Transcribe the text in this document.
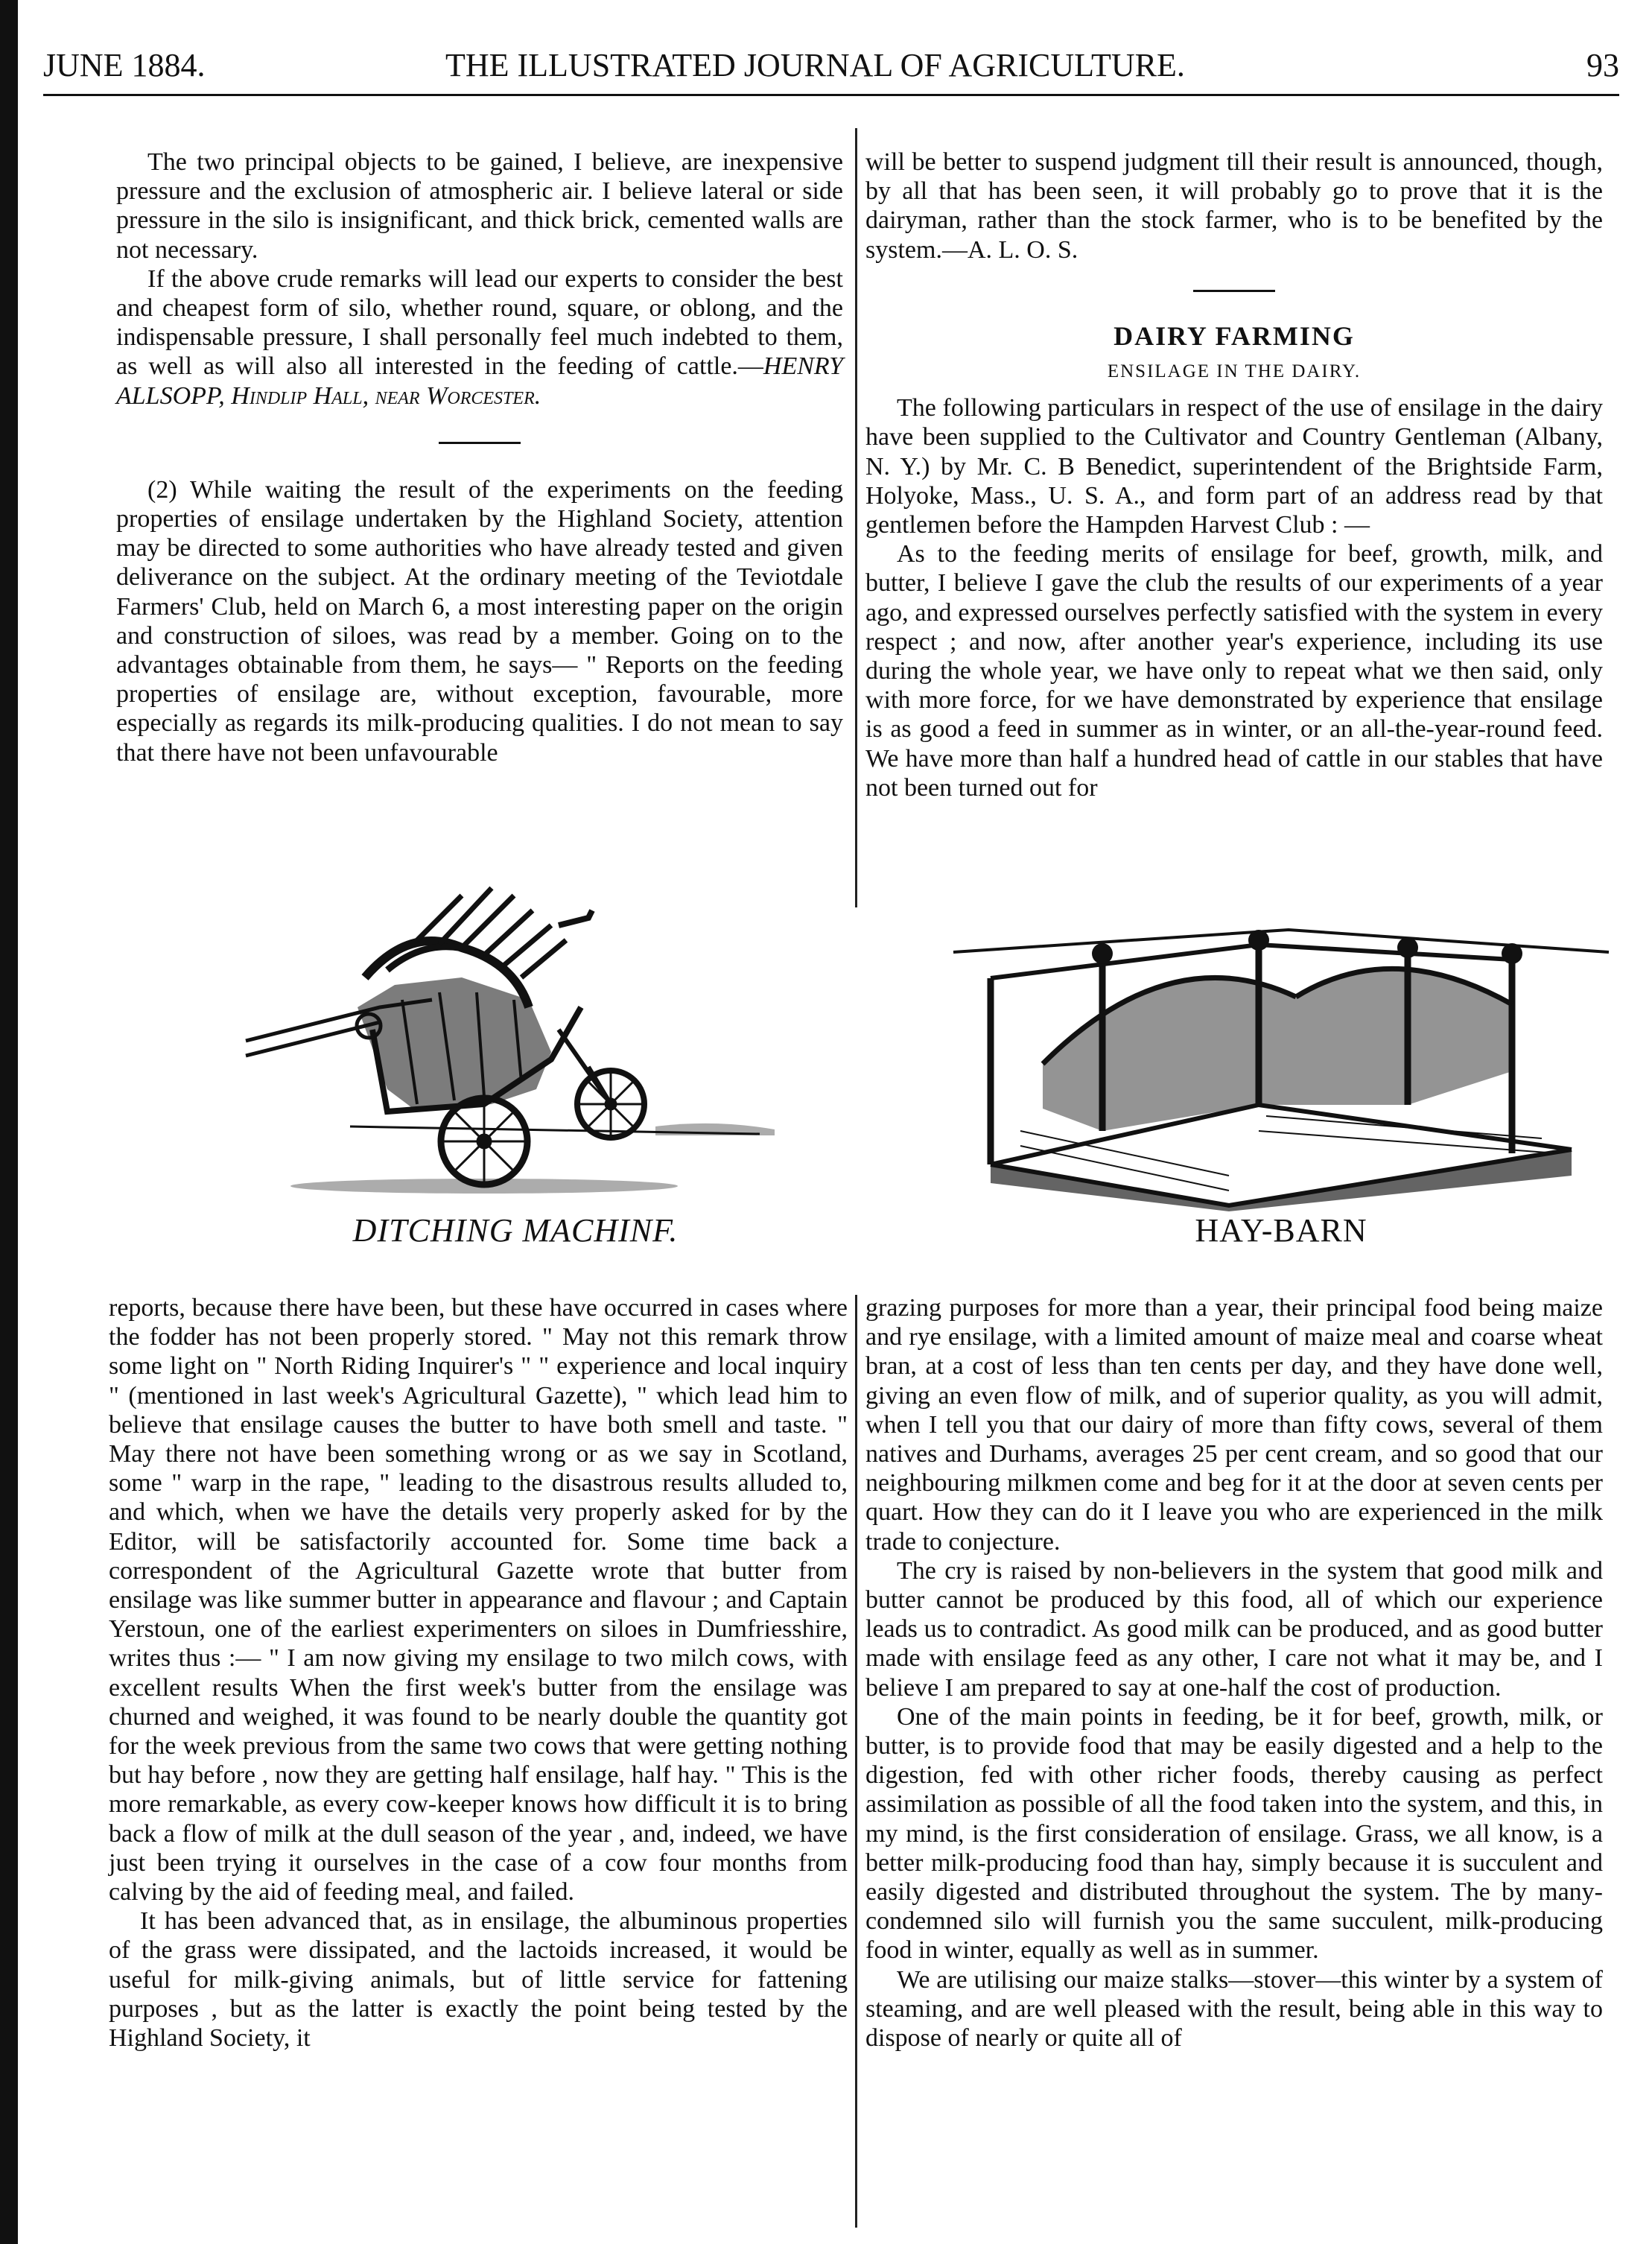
JUNE 1884.	THE ILLUSTRATED JOURNAL OF AGRICULTURE.	93

The two principal objects to be gained, I believe, are inexpensive pressure and the exclusion of atmospheric air. I believe lateral or side pressure in the silo is insignificant, and thick brick, cemented walls are not necessary.

If the above crude remarks will lead our experts to consider the best and cheapest form of silo, whether round, square, or oblong, and the indispensable pressure, I shall personally feel much indebted to them, as well as will also all interested in the feeding of cattle.—HENRY ALLSOPP, Hindlip Hall, near Worcester.

(2) While waiting the result of the experiments on the feeding properties of ensilage undertaken by the Highland Society, attention may be directed to some authorities who have already tested and given deliverance on the subject. At the ordinary meeting of the Teviotdale Farmers' Club, held on March 6, a most interesting paper on the origin and construction of siloes, was read by a member. Going on to the advantages obtainable from them, he says— " Reports on the feeding properties of ensilage are, without exception, favourable, more especially as regards its milk-producing qualities. I do not mean to say that there have not been unfavourable

will be better to suspend judgment till their result is announced, though, by all that has been seen, it will probably go to prove that it is the dairyman, rather than the stock farmer, who is to be benefited by the system.—A. L. O. S.

DAIRY FARMING
ENSILAGE IN THE DAIRY.

The following particulars in respect of the use of ensilage in the dairy have been supplied to the Cultivator and Country Gentleman (Albany, N. Y.) by Mr. C. B Benedict, superintendent of the Brightside Farm, Holyoke, Mass., U. S. A., and form part of an address read by that gentlemen before the Hampden Harvest Club : —

As to the feeding merits of ensilage for beef, growth, milk, and butter, I believe I gave the club the results of our experiments of a year ago, and expressed ourselves perfectly satisfied with the system in every respect ; and now, after another year's experience, including its use during the whole year, we have only to repeat what we then said, only with more force, for we have demonstrated by experience that ensilage is as good a feed in summer as in winter, or an all-the-year-round feed. We have more than half a hundred head of cattle in our stables that have not been turned out for

DITCHING MACHINF.	HAY-BARN

reports, because there have been, but these have occurred in cases where the fodder has not been properly stored. " May not this remark throw some light on " North Riding Inquirer's " " experience and local inquiry " (mentioned in last week's Agricultural Gazette), " which lead him to believe that ensilage causes the butter to have both smell and taste. " May there not have been something wrong or as we say in Scotland, some " warp in the rape, " leading to the disastrous results alluded to, and which, when we have the details very properly asked for by the Editor, will be satisfactorily accounted for. Some time back a correspondent of the Agricultural Gazette wrote that butter from ensilage was like summer butter in appearance and flavour ; and Captain Yerstoun, one of the earliest experimenters on siloes in Dumfriesshire, writes thus :— " I am now giving my ensilage to two milch cows, with excellent results When the first week's butter from the ensilage was churned and weighed, it was found to be nearly double the quantity got for the week previous from the same two cows that were getting nothing but hay before , now they are getting half ensilage, half hay. " This is the more remarkable, as every cow-keeper knows how difficult it is to bring back a flow of milk at the dull season of the year , and, indeed, we have just been trying it ourselves in the case of a cow four months from calving by the aid of feeding meal, and failed.

It has been advanced that, as in ensilage, the albuminous properties of the grass were dissipated, and the lactoids increased, it would be useful for milk-giving animals, but of little service for fattening purposes , but as the latter is exactly the point being tested by the Highland Society, it

grazing purposes for more than a year, their principal food being maize and rye ensilage, with a limited amount of maize meal and coarse wheat bran, at a cost of less than ten cents per day, and they have done well, giving an even flow of milk, and of superior quality, as you will admit, when I tell you that our dairy of more than fifty cows, several of them natives and Durhams, averages 25 per cent cream, and so good that our neighbouring milkmen come and beg for it at the door at seven cents per quart. How they can do it I leave you who are experienced in the milk trade to conjecture.

The cry is raised by non-believers in the system that good milk and butter cannot be produced by this food, all of which our experience leads us to contradict. As good milk can be produced, and as good butter made with ensilage feed as any other, I care not what it may be, and I believe I am prepared to say at one-half the cost of production.

One of the main points in feeding, be it for beef, growth, milk, or butter, is to provide food that may be easily digested and a help to the digestion, fed with other richer foods, thereby causing as perfect assimilation as possible of all the food taken into the system, and this, in my mind, is the first consideration of ensilage. Grass, we all know, is a better milk-producing food than hay, simply because it is succulent and easily digested and distributed throughout the system. The by many-condemned silo will furnish you the same succulent, milk-producing food in winter, equally as well as in summer.

We are utilising our maize stalks—stover—this winter by a system of steaming, and are well pleased with the result, being able in this way to dispose of nearly or quite all of
